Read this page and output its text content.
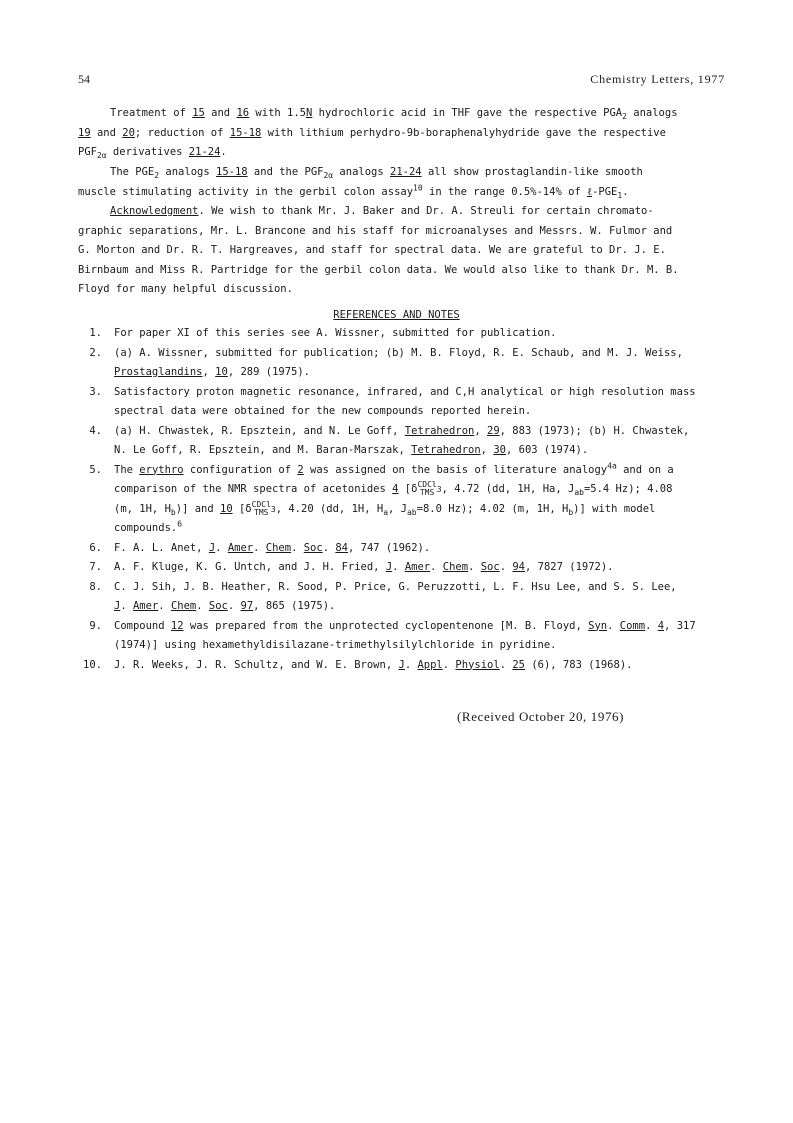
54	Chemistry Letters, 1977
Treatment of 15 and 16 with 1.5N hydrochloric acid in THF gave the respective $PGA_2$ analogs
19 and 20; reduction of 15-18 with lithium perhydro-9b-boraphenalyhydride gave the respective
$PGF_{2\alpha}$ derivatives 21-24.
The $PGE_2$ analogs 15-18 and the $PGF_{2\alpha}$ analogs 21-24 all show prostaglandin-like smooth
muscle stimulating activity in the gerbil colon assay$^{10}$ in the range 0.5%-14% of $\ell-PGE_1$.
Acknowledgment. We wish to thank Mr. J. Baker and Dr. A. Streuli for certain chromato-
graphic separations, Mr. L. Brancone and his staff for microanalyses and Messrs. W. Fulmor and
G. Morton and Dr. R. T. Hargreaves, and staff for spectral data. We are grateful to Dr. J. E.
Birnbaum and Miss R. Partridge for the gerbil colon data. We would also like to thank Dr. M. B.
Floyd for many helpful discussion.
REFERENCES AND NOTES
1. For paper XI of this series see A. Wissner, submitted for publication.
2. (a) A. Wissner, submitted for publication; (b) M. B. Floyd, R. E. Schaub, and M. J. Weiss,
Prostaglandins, 10, 289 (1975).
3. Satisfactory proton magnetic resonance, infrared, and C,H analytical or high resolution mass
spectral data were obtained for the new compounds reported herein.
4. (a) H. Chwastek, R. Epsztein, and N. Le Goff, Tetrahedron, 29, 883 (1973); (b) H. Chwastek,
N. Le Goff, R. Epsztein, and M. Baran-Marszak, Tetrahedron, 30, 603 (1974).
5. The erythro configuration of 2 was assigned on the basis of literature analogy$^{4a}$ and on a
comparison of the NMR spectra of acetonides 4 [δ CDCl
TMS 3, 4.72 (dd, 1H, Ha, $J_{ab}=5.4$ Hz); 4.08
(m, 1H, $H_b$)] and 10 [δ CDCl
TMS 3, 4.20 (dd, 1H, $H_a$, $J_{ab}=8.0$ Hz); 4.02 (m, 1H, $H_b$)] with model
compounds.$^6$
6. F. A. L. Anet, J. Amer. Chem. Soc. 84, 747 (1962).
7. A. F. Kluge, K. G. Untch, and J. H. Fried, J. Amer. Chem. Soc. 94, 7827 (1972).
8. C. J. Sih, J. B. Heather, R. Sood, P. Price, G. Peruzzotti, L. F. Hsu Lee, and S. S. Lee,
J. Amer. Chem. Soc. 97, 865 (1975).
9. Compound 12 was prepared from the unprotected cyclopentenone [M. B. Floyd, Syn. Comm. 4, 317
(1974)] using hexamethyldisilazane-trimethylsilylchloride in pyridine.
10. J. R. Weeks, J. R. Schultz, and W. E. Brown, J. Appl. Physiol. 25 (6), 783 (1968).
(Received October 20, 1976)
